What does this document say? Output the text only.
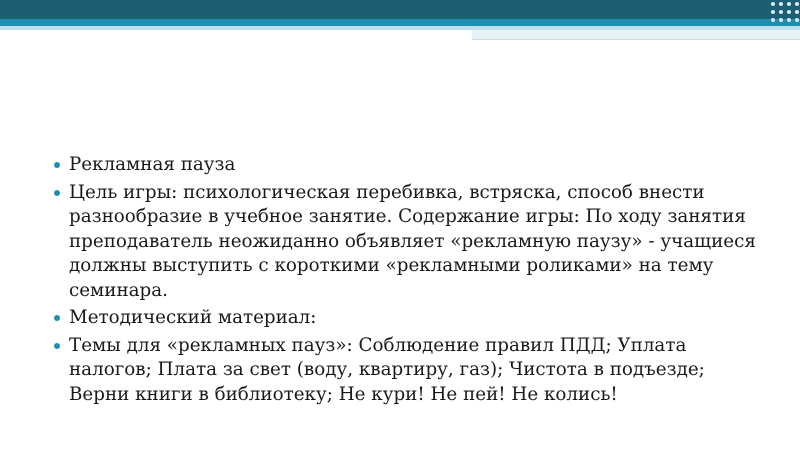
Рекламная пауза
Цель игры: психологическая перебивка, встряска, способ внести разнообразие в учебное занятие. Содержание игры: По ходу занятия преподаватель неожиданно объявляет «рекламную паузу» - учащиеся должны выступить с короткими «рекламными роликами» на тему семинара.
Методический материал:
Темы для «рекламных пауз»: Соблюдение правил ПДД; Уплата налогов; Плата за свет (воду, квартиру, газ); Чистота в подъезде; Верни книги в библиотеку; Не кури! Не пей! Не колись!
